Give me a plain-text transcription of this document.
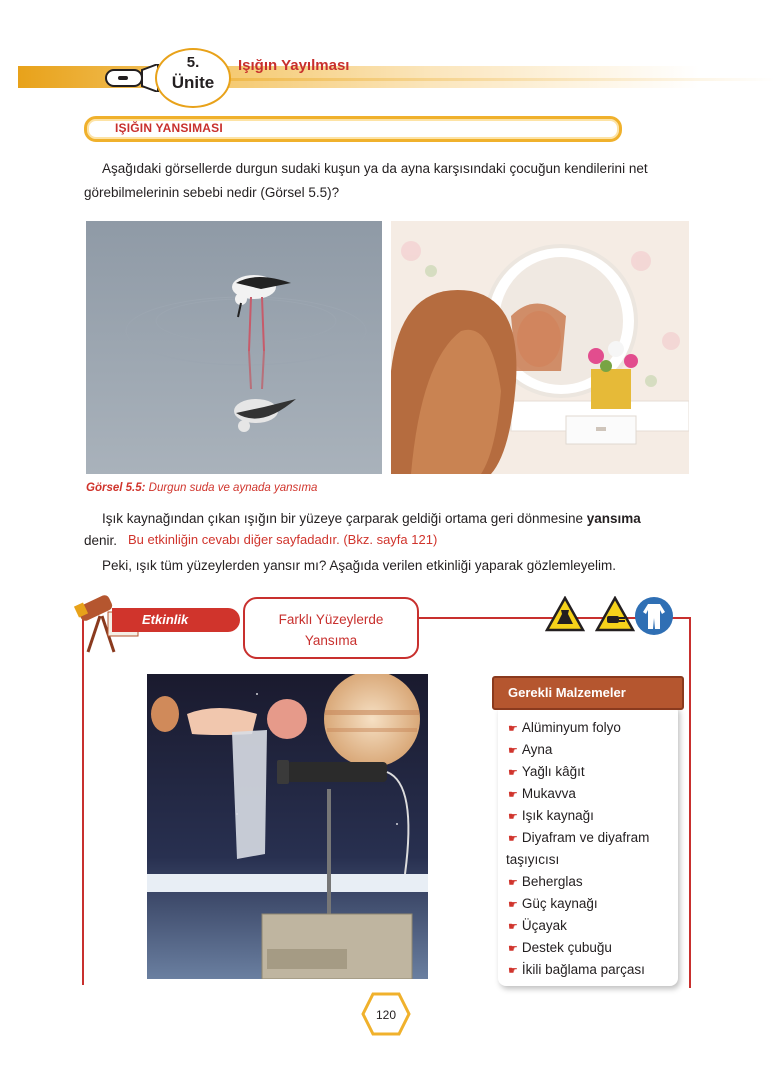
5.
Ünite
Işığın Yayılması
IŞIĞIN YANSIMASI
Aşağıdaki görsellerde durgun sudaki kuşun ya da ayna karşısındaki çocuğun kendilerini net
görebilmelerinin sebebi nedir (Görsel 5.5)?
Görsel 5.5: Durgun suda ve aynada yansıma
Işık kaynağından çıkan ışığın bir yüzeye çarparak geldiği ortama geri dönmesine yansıma
denir. Bu etkinliğin cevabı diğer sayfadadır. (Bkz. sayfa 121)
Peki, ışık tüm yüzeylerden yansır mı? Aşağıda verilen etkinliği yaparak gözlemleyelim.
Etkinlik	Farklı Yüzeylerde
Yansıma
☛ Alüminyum folyo
☛ Ayna
☛ Yağlı kâğıt
☛ Mukavva
☛ Işık kaynağı
☛ Diyafram ve diyafram
taşıyıcısı
☛ Beherglas
☛ Güç kaynağı
☛ Üçayak
☛ Destek çubuğu
☛ İkili bağlama parçası
Gerekli Malzemeler
120
